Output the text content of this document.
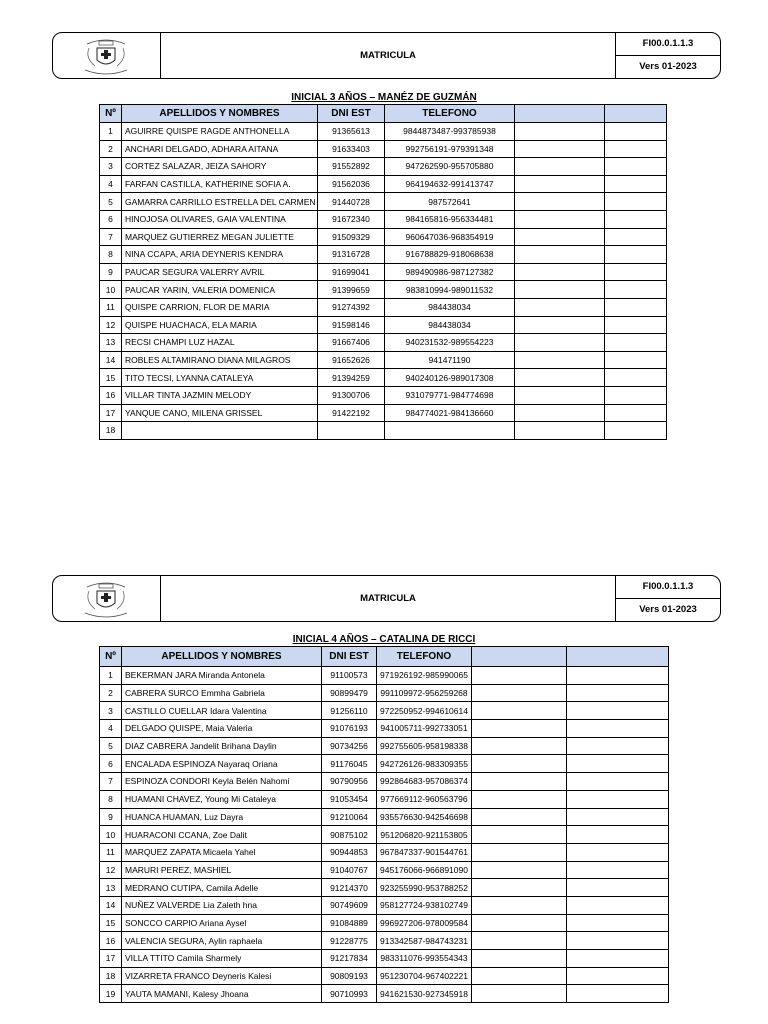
MATRICULA
FI00.0.1.1.3
Vers 01-2023
INICIAL 3 AÑOS – MANÉZ DE GUZMÁN
Nº	APELLIDOS Y NOMBRES	DNI EST	TELEFONO		
1	AGUIRRE QUISPE RAGDE ANTHONELLA	91365613	9844873487-993785938		
2	ANCHARI DELGADO, ADHARA AITANA	91633403	992756191-979391348		
3	CORTEZ SALAZAR, JEIZA SAHORY	91552892	947262590-955705880		
4	FARFAN CASTILLA, KATHERINE SOFIA A.	91562036	964194632-991413747		
5	GAMARRA CARRILLO ESTRELLA DEL CARMEN	91440728	987572641		
6	HINOJOSA OLIVARES, GAIA VALENTINA	91672340	984165816-956334481		
7	MARQUEZ GUTIERREZ MEGAN JULIETTE	91509329	960647036-968354919		
8	NINA CCAPA, ARIA DEYNERIS KENDRA	91316728	916788829-918068638		
9	PAUCAR SEGURA VALERRY AVRIL	91699041	989490986-987127382		
10	PAUCAR YARIN, VALERIA DOMENICA	91399659	983810994-989011532		
11	QUISPE CARRION, FLOR DE MARIA	91274392	984438034		
12	QUISPE HUACHACA, ELA MARIA	91598146	984438034		
13	RECSI CHAMPI LUZ HAZAL	91667406	940231532-989554223		
14	ROBLES ALTAMIRANO DIANA MILAGROS	91652626	941471190		
15	TITO TECSI, LYANNA CATALEYA	91394259	940240126-989017308		
16	VILLAR TINTA JAZMIN MELODY	91300706	931079771-984774698		
17	YANQUE CANO, MILENA GRISSEL	91422192	984774021-984136660		
18					
MATRICULA
FI00.0.1.1.3
Vers 01-2023
INICIAL 4 AÑOS – CATALINA DE RICCI
Nº	APELLIDOS Y NOMBRES	DNI EST	TELEFONO		
1	BEKERMAN JARA Miranda Antonela	91100573	971926192-985990065		
2	CABRERA SURCO Emmha Gabriela	90899479	991109972-956259268		
3	CASTILLO CUELLAR Idara Valentina	91256110	972250952-994610614		
4	DELGADO QUISPE, Maia Valeria	91076193	941005711-992733051		
5	DIAZ CABRERA Jandelit Brihana Daylin	90734256	992755605-958198338		
6	ENCALADA ESPINOZA Nayaraq Oriana	91176045	942726126-983309355		
7	ESPINOZA CONDORI Keyla Belén Nahomi	90790956	992864683-957086374		
8	HUAMANI CHAVEZ, Young Mi Cataleya	91053454	977669112-960563796		
9	HUANCA HUAMAN, Luz Dayra	91210064	935576630-942546698		
10	HUARACONI CCANA, Zoe Dalit	90875102	951206820-921153805		
11	MARQUEZ ZAPATA Micaela Yahel	90944853	967847337-901544761		
12	MARURI PEREZ, MASHIEL	91040767	945176066-966891090		
13	MEDRANO CUTIPA, Camila Adelle	91214370	923255990-953788252		
14	NUÑEZ VALVERDE Lia Zaleth hna	90749609	958127724-938102749		
15	SONCCO CARPIO Ariana Aysel	91084889	996927206-978009584		
16	VALENCIA SEGURA, Aylin raphaela	91228775	913342587-984743231		
17	VILLA TTITO Camila Sharmely	91217834	983311076-993554343		
18	VIZARRETA FRANCO Deyneris Kalesi	90809193	951230704-967402221		
19	YAUTA MAMANI, Kalesy Jhoana	90710993	941621530-927345918		
